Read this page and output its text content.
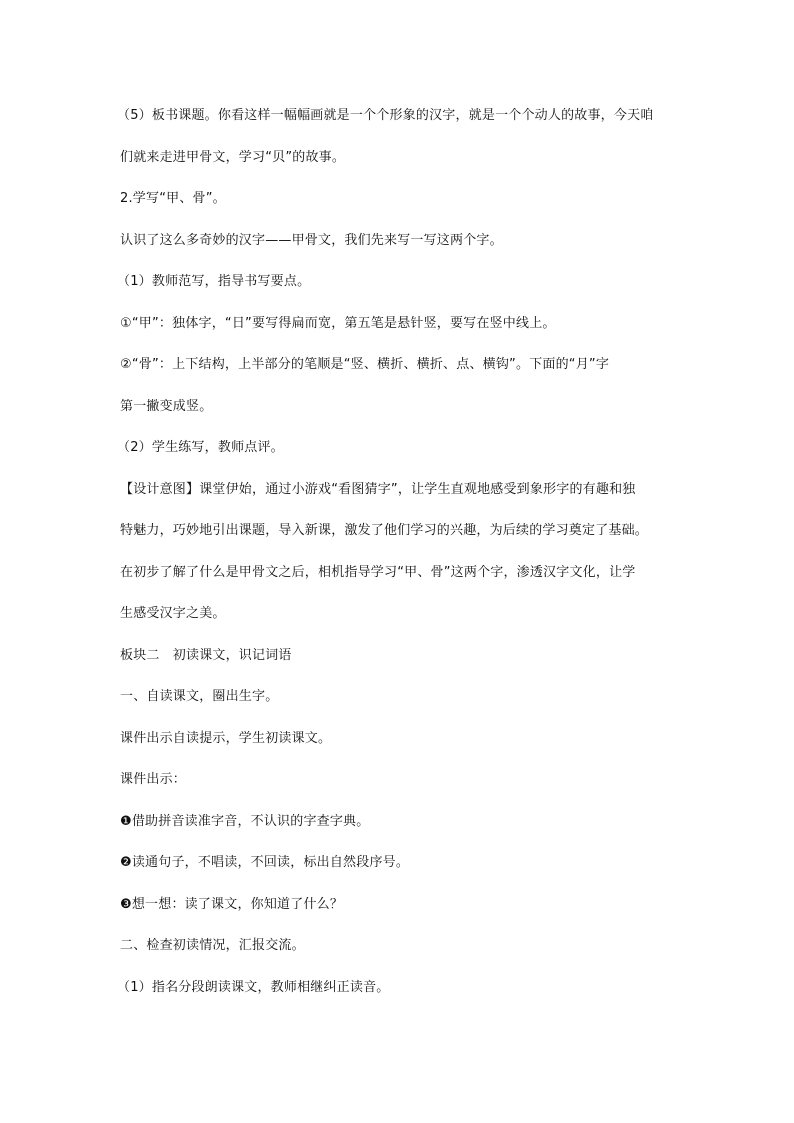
（5）板书课题。你看这样一幅幅画就是一个个形象的汉字，就是一个个动人的故事，今天咱
们就来走进甲骨文，学习“贝”的故事。
2.学写“甲、骨”。
认识了这么多奇妙的汉字——甲骨文，我们先来写一写这两个字。
（1）教师范写，指导书写要点。
①“甲”：独体字，“日”要写得扁而宽，第五笔是悬针竖，要写在竖中线上。
②“骨”：上下结构，上半部分的笔顺是“竖、横折、横折、点、横钩”。下面的“月”字
第一撇变成竖。
（2）学生练写，教师点评。
【设计意图】课堂伊始，通过小游戏“看图猜字”，让学生直观地感受到象形字的有趣和独
特魅力，巧妙地引出课题，导入新课，激发了他们学习的兴趣，为后续的学习奠定了基础。
在初步了解了什么是甲骨文之后，相机指导学习“甲、骨”这两个字，渗透汉字文化，让学
生感受汉字之美。
板块二　初读课文，识记词语
一、自读课文，圈出生字。
课件出示自读提示，学生初读课文。
课件出示：
❶借助拼音读准字音，不认识的字查字典。
❷读通句子，不唱读，不回读，标出自然段序号。
❸想一想：读了课文，你知道了什么？
二、检查初读情况，汇报交流。
（1）指名分段朗读课文，教师相继纠正读音。
